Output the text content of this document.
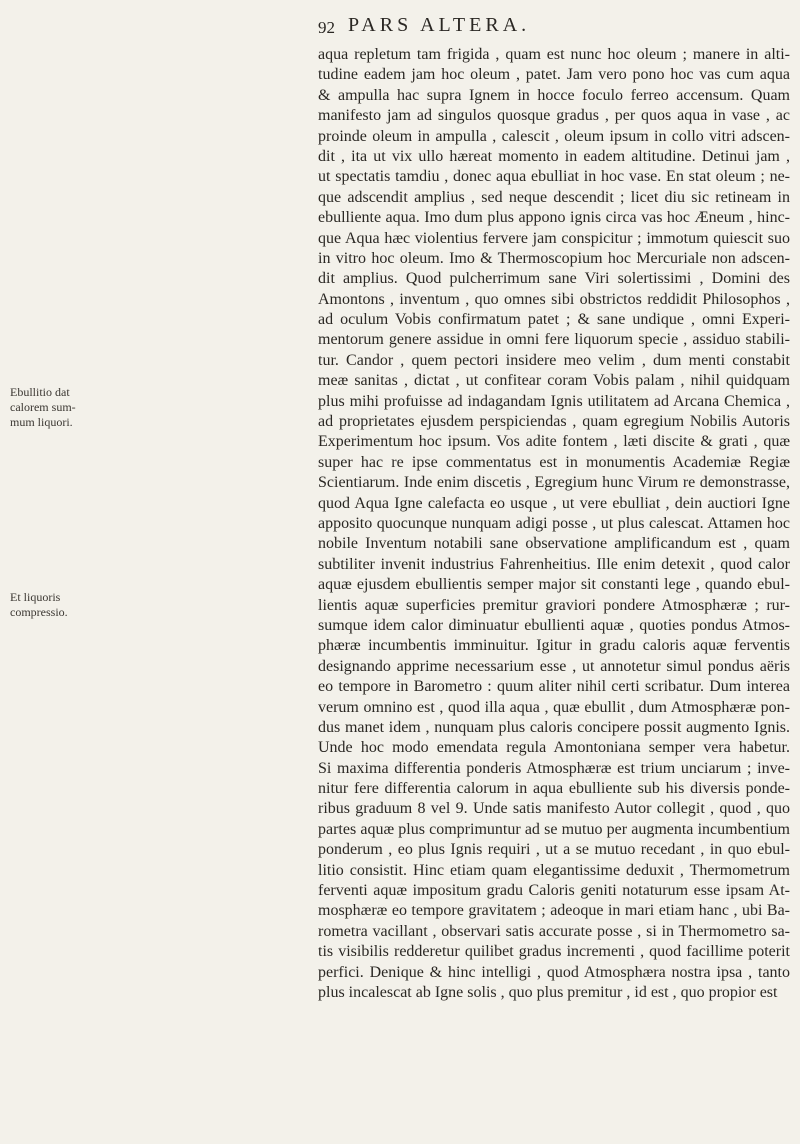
92 PARS ALTERA.
Ebullitio dat
calorem sum-
mum liquori.
Et liquoris
compressio.
aqua repletum tam frigida , quam est nunc hoc oleum ; manere in alti-
tudine eadem jam hoc oleum , patet. Jam vero pono hoc vas cum aqua
& ampulla hac supra Ignem in hocce foculo ferreo accensum. Quam
manifesto jam ad singulos quosque gradus , per quos aqua in vase , ac
proinde oleum in ampulla , calescit , oleum ipsum in collo vitri adscen-
dit , ita ut vix ullo hæreat momento in eadem altitudine. Detinui jam ,
ut spectatis tamdiu , donec aqua ebulliat in hoc vase. En stat oleum ; ne-
que adscendit amplius , sed neque descendit ; licet diu sic retineam in
ebulliente aqua. Imo dum plus appono ignis circa vas hoc Æneum , hinc-
que Aqua hæc violentius fervere jam conspicitur ; immotum quiescit suo
in vitro hoc oleum. Imo & Thermoscopium hoc Mercuriale non adscen-
dit amplius. Quod pulcherrimum sane Viri solertissimi , Domini des
Amontons , inventum , quo omnes sibi obstrictos reddidit Philosophos ,
ad oculum Vobis confirmatum patet ; & sane undique , omni Experi-
mentorum genere assidue in omni fere liquorum specie , assiduo stabili-
tur. Candor , quem pectori insidere meo velim , dum menti constabit
meæ sanitas , dictat , ut confitear coram Vobis palam , nihil quidquam
plus mihi profuisse ad indagandam Ignis utilitatem ad Arcana Chemica ,
ad proprietates ejusdem perspiciendas , quam egregium Nobilis Autoris
Experimentum hoc ipsum. Vos adite fontem , læti discite & grati , quæ
super hac re ipse commentatus est in monumentis Academiæ Regiæ
Scientiarum. Inde enim discetis , Egregium hunc Virum re demonstrasse,
quod Aqua Igne calefacta eo usque , ut vere ebulliat , dein auctiori Igne
apposito quocunque nunquam adigi posse , ut plus calescat. Attamen hoc
nobile Inventum notabili sane observatione amplificandum est , quam
subtiliter invenit industrius Fahrenheitius. Ille enim detexit , quod calor
aquæ ejusdem ebullientis semper major sit constanti lege , quando ebul-
lientis aquæ superficies premitur graviori pondere Atmosphæræ ; rur-
sumque idem calor diminuatur ebullienti aquæ , quoties pondus Atmos-
phæræ incumbentis imminuitur. Igitur in gradu caloris aquæ ferventis
designando apprime necessarium esse , ut annotetur simul pondus aëris
eo tempore in Barometro : quum aliter nihil certi scribatur. Dum interea
verum omnino est , quod illa aqua , quæ ebullit , dum Atmosphæræ pon-
dus manet idem , nunquam plus caloris concipere possit augmento Ignis.
Unde hoc modo emendata regula Amontoniana semper vera habetur.
Si maxima differentia ponderis Atmosphæræ est trium unciarum ; inve-
nitur fere differentia calorum in aqua ebulliente sub his diversis ponde-
ribus graduum 8 vel 9. Unde satis manifesto Autor collegit , quod , quo
partes aquæ plus comprimuntur ad se mutuo per augmenta incumbentium
ponderum , eo plus Ignis requiri , ut a se mutuo recedant , in quo ebul-
litio consistit. Hinc etiam quam elegantissime deduxit , Thermometrum
ferventi aquæ impositum gradu Caloris geniti notaturum esse ipsam At-
mosphæræ eo tempore gravitatem ; adeoque in mari etiam hanc , ubi Ba-
rometra vacillant , observari satis accurate posse , si in Thermometro sa-
tis visibilis redderetur quilibet gradus incrementi , quod facillime poterit
perfici. Denique & hinc intelligi , quod Atmosphæra nostra ipsa , tanto
plus incalescat ab Igne solis , quo plus premitur , id est , quo propior est
